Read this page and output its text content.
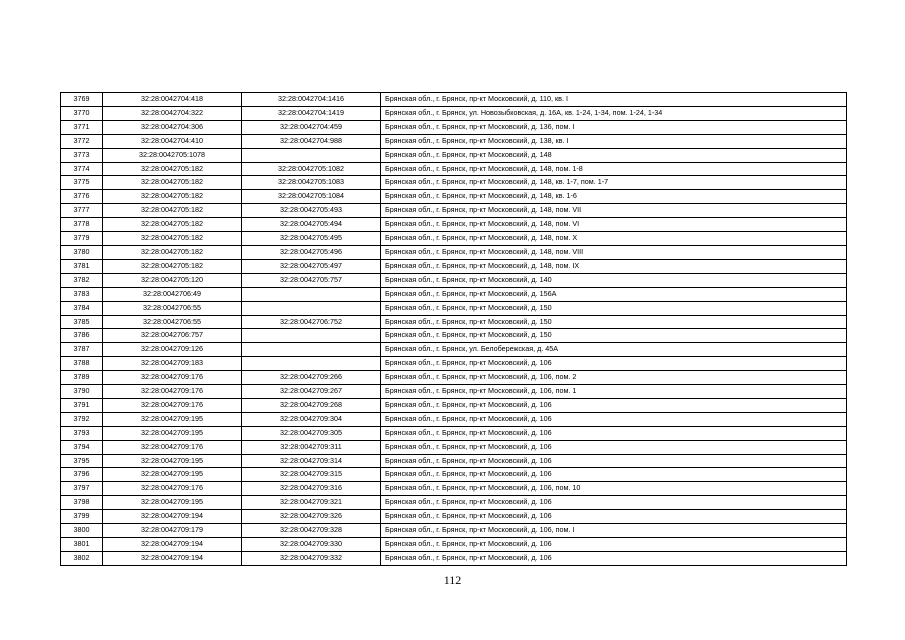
3769	32:28:0042704:418	32:28:0042704:1416	Брянская обл., г. Брянск, пр-кт Московский, д. 110, кв. I
3770	32:28:0042704:322	32:28:0042704:1419	Брянская обл., г. Брянск, ул. Новозыбковская, д. 16А, кв. 1-24, 1-34, пом. 1-24, 1-34
3771	32:28:0042704:306	32:28:0042704:459	Брянская обл., г. Брянск, пр-кт Московский, д. 136, пом. I
3772	32:28:0042704:410	32:28:0042704:988	Брянская обл., г. Брянск, пр-кт Московский, д. 138, кв. I
3773	32:28:0042705:1078		Брянская обл., г. Брянск, пр-кт Московский, д. 148
3774	32:28:0042705:182	32:28:0042705:1082	Брянская обл., г. Брянск, пр-кт Московский, д. 148, пом. 1-8
3775	32:28:0042705:182	32:28:0042705:1083	Брянская обл., г. Брянск, пр-кт Московский, д. 148, кв. 1-7, пом. 1-7
3776	32:28:0042705:182	32:28:0042705:1084	Брянская обл., г. Брянск, пр-кт Московский, д. 148, кв. 1-6
3777	32:28:0042705:182	32:28:0042705:493	Брянская обл., г. Брянск, пр-кт Московский, д. 148, пом. VII
3778	32:28:0042705:182	32:28:0042705:494	Брянская обл., г. Брянск, пр-кт Московский, д. 148, пом. VI
3779	32:28:0042705:182	32:28:0042705:495	Брянская обл., г. Брянск, пр-кт Московский, д. 148, пом. X
3780	32:28:0042705:182	32:28:0042705:496	Брянская обл., г. Брянск, пр-кт Московский, д. 148, пом. VIII
3781	32:28:0042705:182	32:28:0042705:497	Брянская обл., г. Брянск, пр-кт Московский, д. 148, пом. IX
3782	32:28:0042705:120	32:28:0042705:757	Брянская обл., г. Брянск, пр-кт Московский, д. 140
3783	32:28:0042706:49		Брянская обл., г. Брянск, пр-кт Московский, д. 156А
3784	32:28:0042706:55		Брянская обл., г. Брянск, пр-кт Московский, д. 150
3785	32:28:0042706:55	32:28:0042706:752	Брянская обл., г. Брянск, пр-кт Московский, д. 150
3786	32:28:0042706:757		Брянская обл., г. Брянск, пр-кт Московский, д. 150
3787	32:28:0042709:126		Брянская обл., г. Брянск, ул. Белобережская, д. 45А
3788	32:28:0042709:183		Брянская обл., г. Брянск, пр-кт Московский, д. 106
3789	32:28:0042709:176	32:28:0042709:266	Брянская обл., г. Брянск, пр-кт Московский, д. 106, пом. 2
3790	32:28:0042709:176	32:28:0042709:267	Брянская обл., г. Брянск, пр-кт Московский, д. 106, пом. 1
3791	32:28:0042709:176	32:28:0042709:268	Брянская обл., г. Брянск, пр-кт Московский, д. 106
3792	32:28:0042709:195	32:28:0042709:304	Брянская обл., г. Брянск, пр-кт Московский, д. 106
3793	32:28:0042709:195	32:28:0042709:305	Брянская обл., г. Брянск, пр-кт Московский, д. 106
3794	32:28:0042709:176	32:28:0042709:311	Брянская обл., г. Брянск, пр-кт Московский, д. 106
3795	32:28:0042709:195	32:28:0042709:314	Брянская обл., г. Брянск, пр-кт Московский, д. 106
3796	32:28:0042709:195	32:28:0042709:315	Брянская обл., г. Брянск, пр-кт Московский, д. 106
3797	32:28:0042709:176	32:28:0042709:316	Брянская обл., г. Брянск, пр-кт Московский, д. 106, пом. 10
3798	32:28:0042709:195	32:28:0042709:321	Брянская обл., г. Брянск, пр-кт Московский, д. 106
3799	32:28:0042709:194	32:28:0042709:326	Брянская обл., г. Брянск, пр-кт Московский, д. 106
3800	32:28:0042709:179	32:28:0042709:328	Брянская обл., г. Брянск, пр-кт Московский, д. 106, пом. I
3801	32:28:0042709:194	32:28:0042709:330	Брянская обл., г. Брянск, пр-кт Московский, д. 106
3802	32:28:0042709:194	32:28:0042709:332	Брянская обл., г. Брянск, пр-кт Московский, д. 106
112
